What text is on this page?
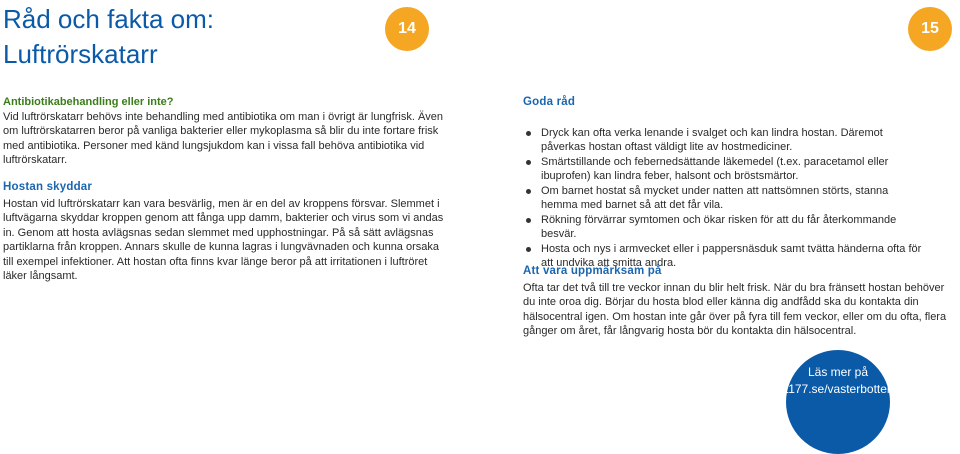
Råd och fakta om:
Luftrörskatarr
14
Antibiotikabehandling eller inte?

Vid luftrörskatarr behövs inte behandling med antibiotika om man i övrigt är lungfrisk. Även om luftrörskatarren beror på vanliga bakterier eller mykoplasma så blir du inte fortare frisk med antibiotika. Personer med känd lungsjukdom kan i vissa fall behöva antibiotika vid luftrörskatarr.

Hostan skyddar

Hostan vid luftrörskatarr kan vara besvärlig, men är en del av kroppens försvar. Slemmet i luftvägarna skyddar kroppen genom att fånga upp damm, bakterier och virus som vi andas in. Genom att hosta avlägsnas sedan slemmet med upphostningar. På så sätt avlägsnas partiklarna från kroppen. Annars skulle de kunna lagras i lungvävnaden och kunna orsaka till exempel infektioner. Att hostan ofta finns kvar länge beror på att irritationen i luftröret läker långsamt.

15
Goda råd
Dryck kan ofta verka lenande i svalget och kan lindra hostan. Däremot påverkas hostan oftast väldigt lite av hostmediciner.
Smärtstillande och febernedsättande läkemedel (t.ex. paracetamol eller ibuprofen) kan lindra feber, halsont och bröstsmärtor.
Om barnet hostat så mycket under natten att nattsömnen störts, stanna hemma med barnet så att det får vila.
Rökning förvärrar symtomen och ökar risken för att du får återkommande besvär.
Hosta och nys i armvecket eller i pappersnäsduk samt tvätta händerna ofta för att undvika att smitta andra.
Att vara uppmärksam på

Ofta tar det två till tre veckor innan du blir helt frisk. När du bra fränsett hostan behöver du inte oroa dig. Börjar du hosta blod eller känna dig andfådd ska du kontakta din hälsocentral igen. Om hostan inte går över på fyra till fem veckor, eller om du ofta, flera gånger om året, får långvarig hosta bör du kontakta din hälsocentral.

Läs mer på
1177.se/vasterbotten
